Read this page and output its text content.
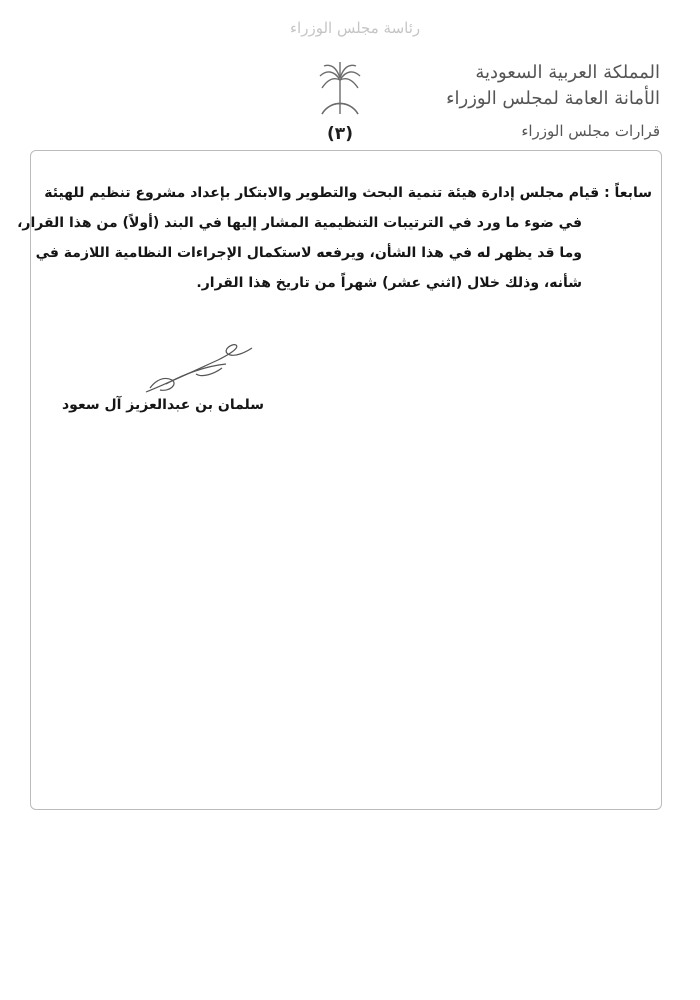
رئاسة مجلس الوزراء
(٣)
المملكة العربية السعودية
الأمانة العامة لمجلس الوزراء
قرارات مجلس الوزراء
سابعاً : قيام مجلس إدارة هيئة تنمية البحث والتطوير والابتكار بإعداد مشروع تنظيم للهيئة
في ضوء ما ورد في الترتيبات التنظيمية المشار إليها في البند (أولاً) من هذا القرار،
وما قد يظهر له في هذا الشأن، ويرفعه لاستكمال الإجراءات النظامية اللازمة في
شأنه، وذلك خلال (اثني عشر) شهراً من تاريخ هذا القرار.
سلمان بن عبدالعزيز آل سعود
